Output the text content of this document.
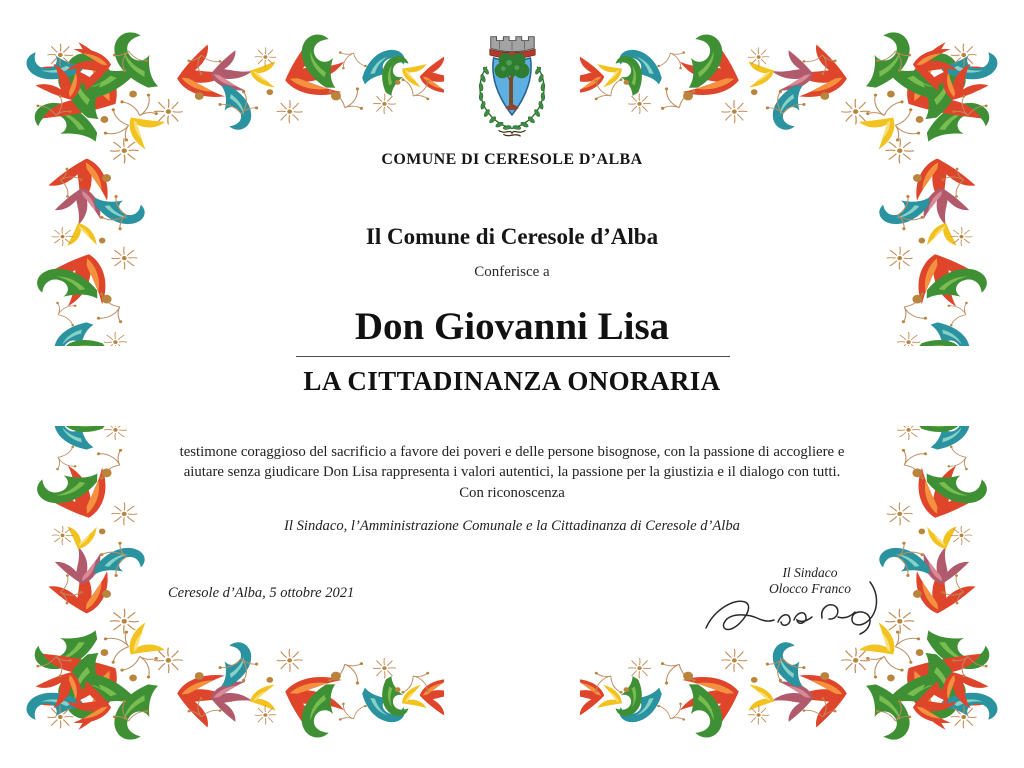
COMUNE DI CERESOLE D’ALBA
Il Comune di Ceresole d’Alba
Conferisce a
Don Giovanni Lisa
LA CITTADINANZA ONORARIA
testimone coraggioso del sacrificio a favore dei poveri e delle persone bisognose, con la passione di accogliere e
aiutare senza giudicare Don Lisa rappresenta i valori autentici, la passione per la giustizia e il dialogo con tutti.
Con riconoscenza
Il Sindaco, l’Amministrazione Comunale e la Cittadinanza di Ceresole d’Alba
Ceresole d’Alba, 5 ottobre 2021
Il Sindaco
Olocco Franco
